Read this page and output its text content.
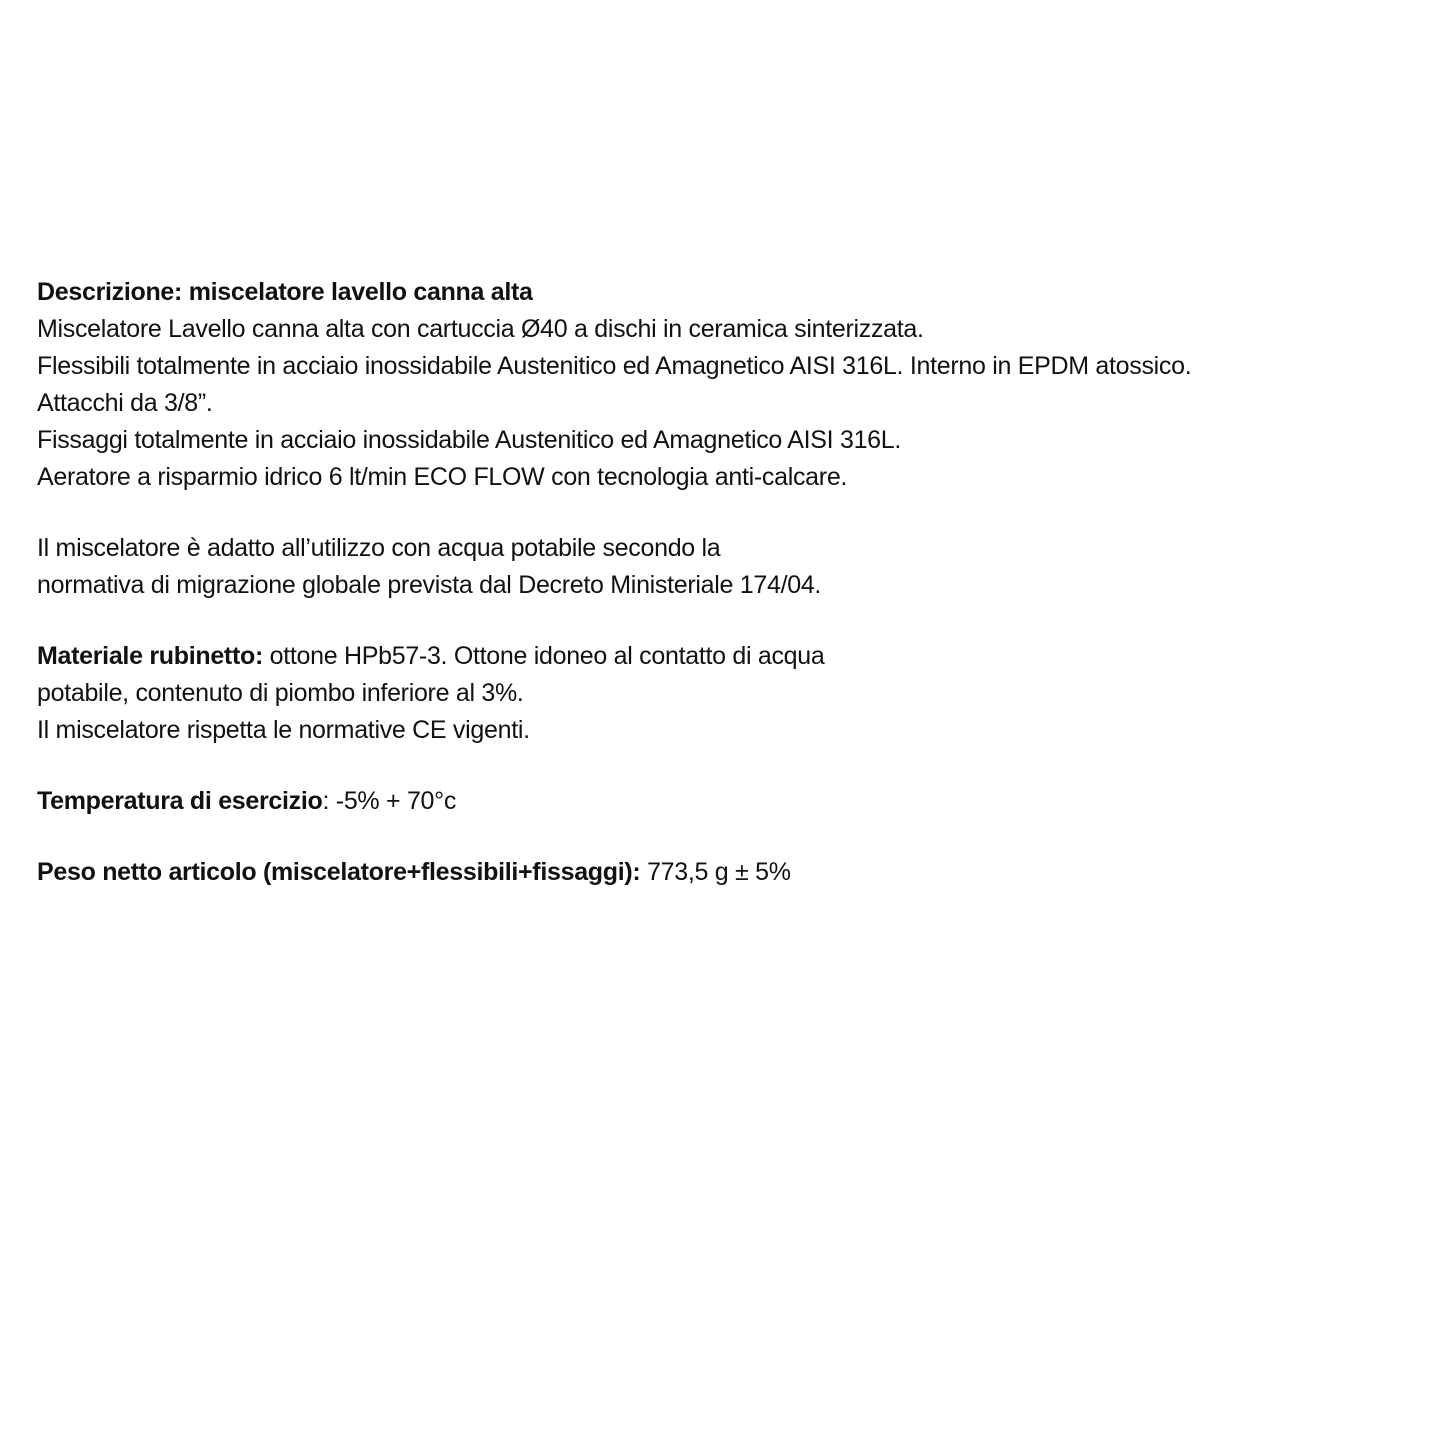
Descrizione: miscelatore lavello canna alta
Miscelatore Lavello canna alta con cartuccia Ø40 a dischi in ceramica sinterizzata.
Flessibili totalmente in acciaio inossidabile Austenitico ed Amagnetico AISI 316L. Interno in EPDM atossico.
Attacchi da 3/8”.
Fissaggi totalmente in acciaio inossidabile Austenitico ed Amagnetico AISI 316L.
Aeratore a risparmio idrico 6 lt/min ECO FLOW con tecnologia anti-calcare.
Il miscelatore è adatto all’utilizzo con acqua potabile secondo la
normativa di migrazione globale prevista dal Decreto Ministeriale 174/04.
Materiale rubinetto: ottone HPb57-3. Ottone idoneo al contatto di acqua
potabile, contenuto di piombo inferiore al 3%.
Il miscelatore rispetta le normative CE vigenti.
Temperatura di esercizio: -5% + 70°c
Peso netto articolo (miscelatore+flessibili+fissaggi): 773,5 g ± 5%
